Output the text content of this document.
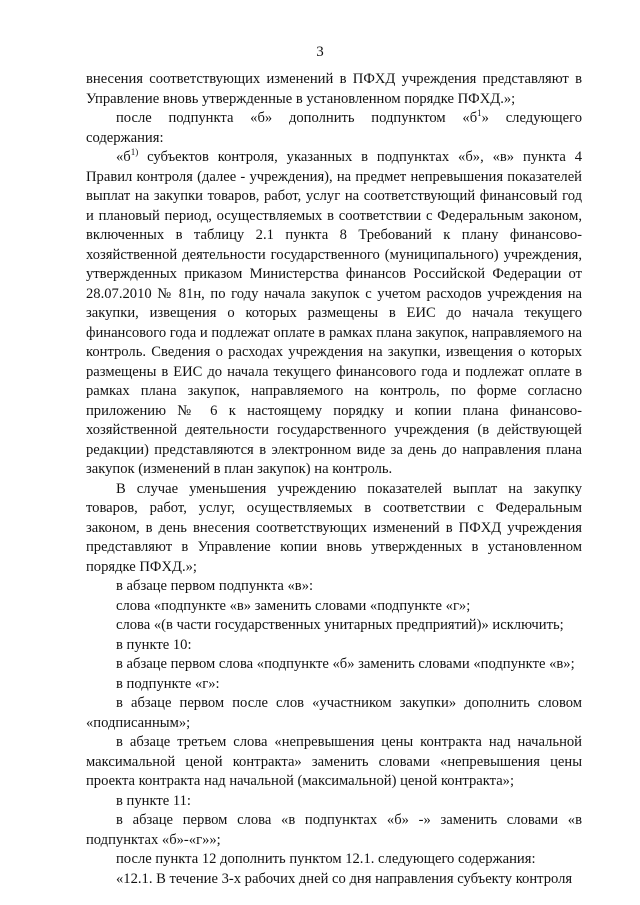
3

внесения соответствующих изменений в ПФХД учреждения представляют в Управление вновь утвержденные в установленном порядке ПФХД.»;

после подпункта «б» дополнить подпунктом «$б^1$» следующего содержания:

«$б^{1)}$ субъектов контроля, указанных в подпунктах «б», «в» пункта 4 Правил контроля (далее - учреждения), на предмет непревышения показателей выплат на закупки товаров, работ, услуг на соответствующий финансовый год и плановый период, осуществляемых в соответствии с Федеральным законом, включенных в таблицу 2.1 пункта 8 Требований к плану финансово-хозяйственной деятельности государственного (муниципального) учреждения, утвержденных приказом Министерства финансов Российской Федерации от 28.07.2010 № 81н, по году начала закупок с учетом расходов учреждения на закупки, извещения о которых размещены в ЕИС до начала текущего финансового года и подлежат оплате в рамках плана закупок, направляемого на контроль. Сведения о расходах учреждения на закупки, извещения о которых размещены в ЕИС до начала текущего финансового года и подлежат оплате в рамках плана закупок, направляемого на контроль, по форме согласно приложению № 6 к настоящему порядку и копии плана финансово-хозяйственной деятельности государственного учреждения (в действующей редакции) представляются в электронном виде за день до направления плана закупок (изменений в план закупок) на контроль.

В случае уменьшения учреждению показателей выплат на закупку товаров, работ, услуг, осуществляемых в соответствии с Федеральным законом, в день внесения соответствующих изменений в ПФХД учреждения представляют в Управление копии вновь утвержденных в установленном порядке ПФХД.»;

в абзаце первом подпункта «в»:

слова «подпункте «в» заменить словами «подпункте «г»;

слова «(в части государственных унитарных предприятий)» исключить;

в пункте 10:

в абзаце первом слова «подпункте «б» заменить словами «подпункте «в»;

в подпункте «г»:

в абзаце первом после слов «участником закупки» дополнить словом «подписанным»;

в абзаце третьем слова «непревышения цены контракта над начальной максимальной ценой контракта» заменить словами «непревышения цены проекта контракта над начальной (максимальной) ценой контракта»;

в пункте 11:

в абзаце первом слова «в подпунктах «б» -» заменить словами «в подпунктах «б»-«г»»;

после пункта 12 дополнить пунктом 12.1. следующего содержания:

«12.1. В течение 3-х рабочих дней со дня направления субъекту контроля
